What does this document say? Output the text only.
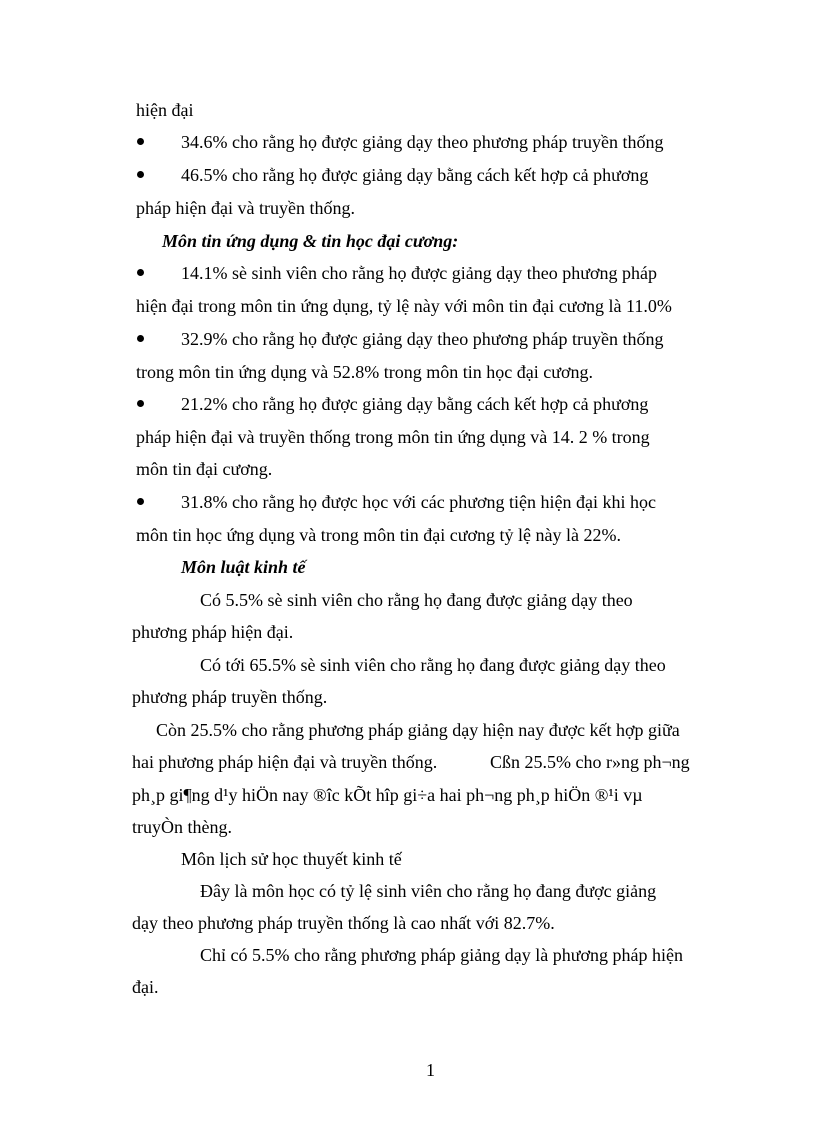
hiện đại
34.6% cho rằng họ được giảng dạy theo phương pháp truyền thống
46.5% cho rằng họ được giảng dạy bằng cách kết hợp cả phương
pháp hiện đại và truyền thống.
Môn tin ứng dụng & tin học đại cương:
14.1% sè sinh viên cho rằng họ được giảng dạy theo phương pháp
hiện đại trong môn tin ứng dụng, tỷ lệ này với môn tin đại cương là 11.0%
32.9% cho rằng họ được giảng dạy theo phương pháp truyền thống
trong môn tin ứng dụng và 52.8% trong môn tin học đại cương.
21.2% cho rằng họ được giảng dạy bằng cách kết hợp cả phương
pháp hiện đại và truyền thống trong môn tin ứng dụng và 14. 2 % trong
môn tin đại cương.
31.8% cho rằng họ được học với các phương tiện hiện đại khi học
môn tin học ứng dụng và trong môn tin đại cương tỷ lệ này là 22%.
Môn luật kinh tế
Có 5.5% sè sinh viên cho rằng họ đang được giảng dạy theo
phương pháp hiện đại.
Có tới 65.5% sè sinh viên cho rằng họ đang được giảng dạy theo
phương pháp truyền thống.
Còn 25.5% cho rằng phương pháp giảng dạy hiện nay được kết hợp giữa
hai phương pháp hiện đại và truyền thống.	Cßn 25.5% cho r»ng ph¬ng
ph¸p gi¶ng d¹y hiÖn nay ®îc kÕt hîp gi÷a hai ph¬ng ph¸p hiÖn ®¹i vµ
truyÒn thèng.
Môn lịch sử học thuyết kinh tế
Đây là môn học có tỷ lệ sinh viên cho rằng họ đang được giảng
dạy theo phương pháp truyền thống là cao nhất với 82.7%.
Chỉ có 5.5% cho rằng phương pháp giảng dạy là phương pháp hiện
đại.
1
